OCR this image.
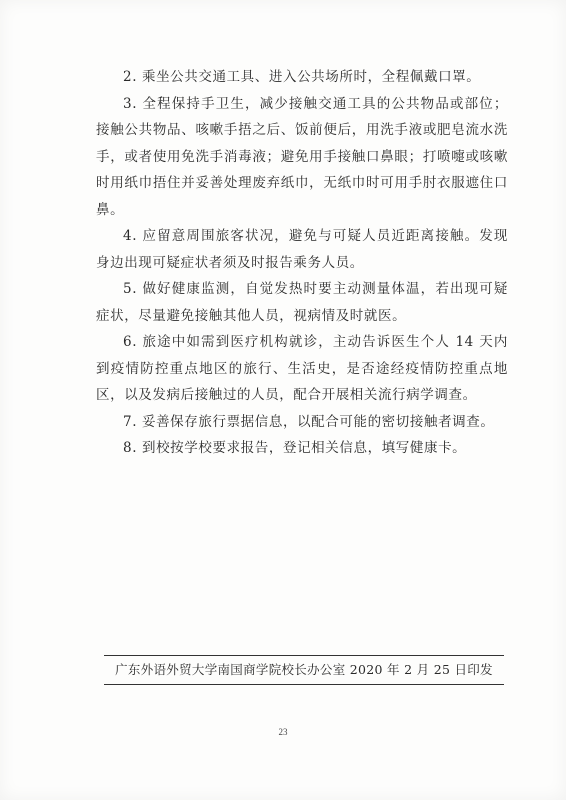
2. 乘坐公共交通工具、进入公共场所时，全程佩戴口罩。

3. 全程保持手卫生，减少接触交通工具的公共物品或部位；接触公共物品、咳嗽手捂之后、饭前便后，用洗手液或肥皂流水洗手，或者使用免洗手消毒液；避免用手接触口鼻眼；打喷嚏或咳嗽时用纸巾捂住并妥善处理废弃纸巾，无纸巾时可用手肘衣服遮住口鼻。

4. 应留意周围旅客状况，避免与可疑人员近距离接触。发现身边出现可疑症状者须及时报告乘务人员。

5. 做好健康监测，自觉发热时要主动测量体温，若出现可疑症状，尽量避免接触其他人员，视病情及时就医。

6. 旅途中如需到医疗机构就诊，主动告诉医生个人 14 天内到疫情防控重点地区的旅行、生活史，是否途经疫情防控重点地区，以及发病后接触过的人员，配合开展相关流行病学调查。

7. 妥善保存旅行票据信息，以配合可能的密切接触者调查。

8. 到校按学校要求报告，登记相关信息，填写健康卡。

广东外语外贸大学南国商学院校长办公室 2020 年 2 月 25 日印发
23
